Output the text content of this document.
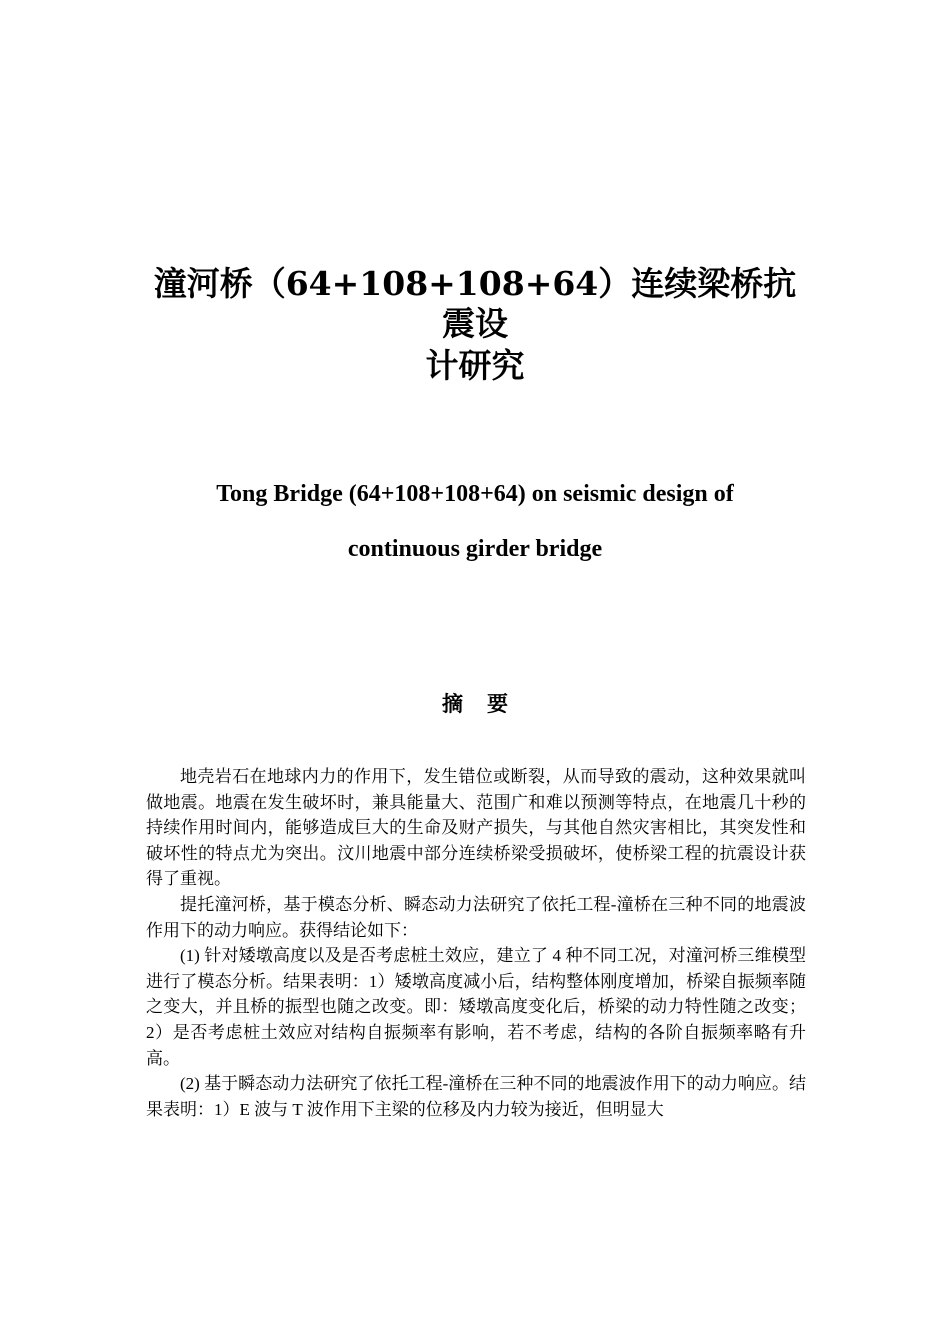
潼河桥（64+108+108+64）连续梁桥抗震设
计研究
Tong Bridge (64+108+108+64) on seismic design of
continuous girder bridge
摘要

地壳岩石在地球内力的作用下，发生错位或断裂，从而导致的震动，这种效果就叫做地震。地震在发生破坏时，兼具能量大、范围广和难以预测等特点，在地震几十秒的持续作用时间内，能够造成巨大的生命及财产损失，与其他自然灾害相比，其突发性和破坏性的特点尤为突出。汶川地震中部分连续桥梁受损破坏，使桥梁工程的抗震设计获得了重视。

提托潼河桥，基于模态分析、瞬态动力法研究了依托工程-潼桥在三种不同的地震波作用下的动力响应。获得结论如下：

(1) 针对矮墩高度以及是否考虑桩土效应，建立了 4 种不同工况，对潼河桥三维模型进行了模态分析。结果表明：1）矮墩高度减小后，结构整体刚度增加，桥梁自振频率随之变大，并且桥的振型也随之改变。即：矮墩高度变化后，桥梁的动力特性随之改变；2）是否考虑桩土效应对结构自振频率有影响，若不考虑，结构的各阶自振频率略有升高。

(2) 基于瞬态动力法研究了依托工程-潼桥在三种不同的地震波作用下的动力响应。结果表明：1）E 波与 T 波作用下主梁的位移及内力较为接近，但明显大
